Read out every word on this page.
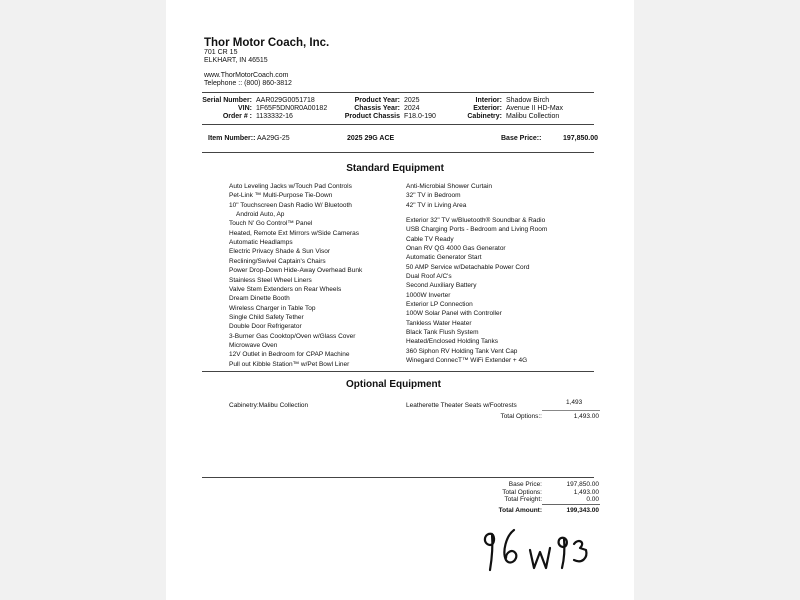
Thor Motor Coach, Inc.
701 CR 15
ELKHART, IN 46515
www.ThorMotorCoach.com
Telephone :: (800) 860-3812
Serial Number: AAR029G0051718
VIN: 1F65F5DN0R0A00182
Order # : 1133332-16
Product Year: 2025
Chassis Year: 2024
Product Chassis F18.0-190
Interior: Shadow Birch
Exterior: Avenue II HD-Max
Cabinetry: Malibu Collection
Item Number:: AA29G-25	2025 29G ACE	Base Price::	197,850.00
Standard Equipment
Auto Leveling Jacks w/Touch Pad Controls
Pet-Link ™ Multi-Purpose Tie-Down
10" Touchscreen Dash Radio W/ Bluetooth
Android Auto, Ap
Touch N' Go Control™ Panel
Heated, Remote Ext Mirrors w/Side Cameras
Automatic Headlamps
Electric Privacy Shade & Sun Visor
Reclining/Swivel Captain's Chairs
Power Drop-Down Hide-Away Overhead Bunk
Stainless Steel Wheel Liners
Valve Stem Extenders on Rear Wheels
Dream Dinette Booth
Wireless Charger in Table Top
Single Child Safety Tether
Double Door Refrigerator
3-Burner Gas Cooktop/Oven w/Glass Cover
Microwave Oven
12V Outlet in Bedroom for CPAP Machine
Pull out Kibble Station™ w/Pet Bowl Liner
Anti-Microbial Shower Curtain
32" TV in Bedroom
42" TV in Living Area
Exterior 32" TV w/Bluetooth® Soundbar & Radio
USB Charging Ports - Bedroom and Living Room
Cable TV Ready
Onan RV QG 4000 Gas Generator
Automatic Generator Start
50 AMP Service w/Detachable Power Cord
Dual Roof A/C's
Second Auxiliary Battery
1000W Inverter
Exterior LP Connection
100W Solar Panel with Controller
Tankless Water Heater
Black Tank Flush System
Heated/Enclosed Holding Tanks
360 Siphon RV Holding Tank Vent Cap
Winegard ConnecT™ WiFi Extender + 4G
Optional Equipment
Cabinetry:Malibu Collection	Leatherette Theater Seats w/Footrests	1,493
Total Options::	1,493.00
Base Price:	197,850.00
Total Options:	1,493.00
Total Freight:	0.00
Total Amount:	199,343.00
